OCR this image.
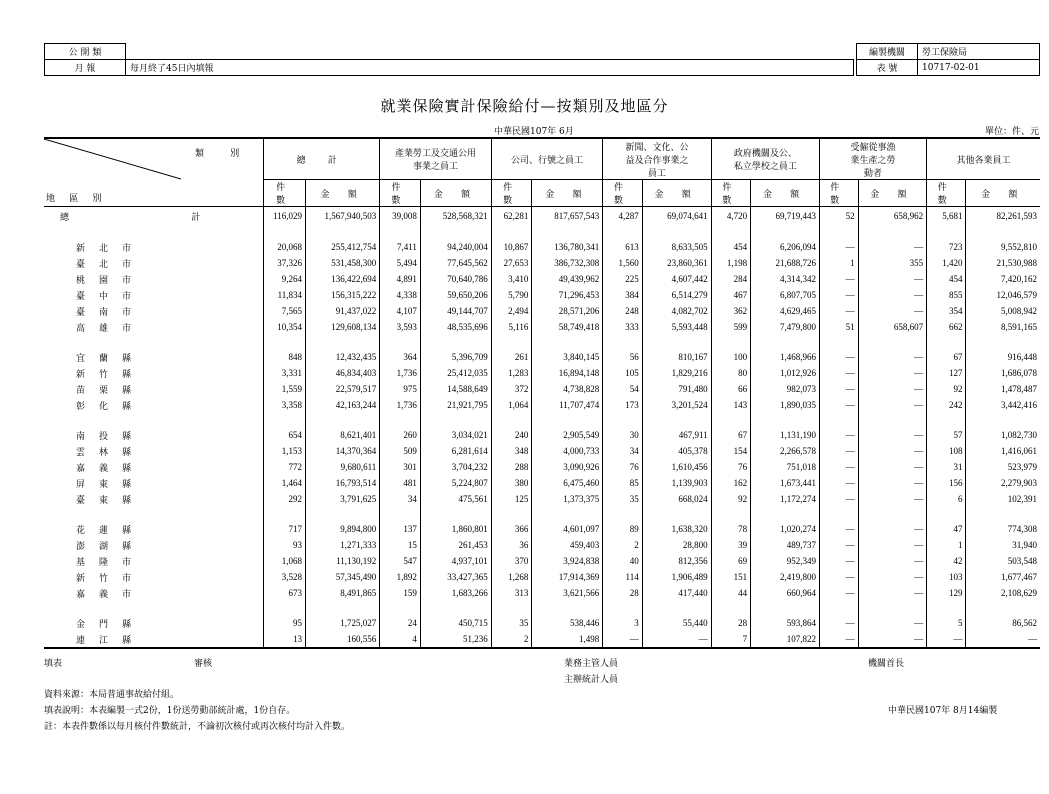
公 開 類	
月 報	每月終了45日內填報
編製機關	勞工保險局
表 號	10717-02-01
就業保險實計保險給付—按類別及地區分
中華民國107年 6月	單位：件、元
類 別
地 區 別	總 計		產業勞工及交通公用事業之員工		公司、行號之員工		新聞、文化、公益及合作事業之員工		政府機關及公、私立學校之員工		受僱從事漁業生產之勞動者		其他各業員工	
	件 數	金 額	件 數	金 額	件 數	金 額	件 數	金 額	件 數	金 額	件 數	金 額	件 數	金 額
總 計	116,029	1,567,940,503	39,008	528,568,321	62,281	817,657,543	4,287	69,074,641	4,720	69,719,443	52	658,962	5,681	82,261,593

新北市	20,068	255,412,754	7,411	94,240,004	10,867	136,780,341	613	8,633,505	454	6,206,094	—	—	723	9,552,810
臺北市	37,326	531,458,300	5,494	77,645,562	27,653	386,732,308	1,560	23,860,361	1,198	21,688,726	1	355	1,420	21,530,988
桃園市	9,264	136,422,694	4,891	70,640,786	3,410	49,439,962	225	4,607,442	284	4,314,342	—	—	454	7,420,162
臺中市	11,834	156,315,222	4,338	59,650,206	5,790	71,296,453	384	6,514,279	467	6,807,705	—	—	855	12,046,579
臺南市	7,565	91,437,022	4,107	49,144,707	2,494	28,571,206	248	4,082,702	362	4,629,465	—	—	354	5,008,942
高雄市	10,354	129,608,134	3,593	48,535,696	5,116	58,749,418	333	5,593,448	599	7,479,800	51	658,607	662	8,591,165

宜蘭縣	848	12,432,435	364	5,396,709	261	3,840,145	56	810,167	100	1,468,966	—	—	67	916,448
新竹縣	3,331	46,834,403	1,736	25,412,035	1,283	16,894,148	105	1,829,216	80	1,012,926	—	—	127	1,686,078
苗栗縣	1,559	22,579,517	975	14,588,649	372	4,738,828	54	791,480	66	982,073	—	—	92	1,478,487
彰化縣	3,358	42,163,244	1,736	21,921,795	1,064	11,707,474	173	3,201,524	143	1,890,035	—	—	242	3,442,416

南投縣	654	8,621,401	260	3,034,021	240	2,905,549	30	467,911	67	1,131,190	—	—	57	1,082,730
雲林縣	1,153	14,370,364	509	6,281,614	348	4,000,733	34	405,378	154	2,266,578	—	—	108	1,416,061
嘉義縣	772	9,680,611	301	3,704,232	288	3,090,926	76	1,610,456	76	751,018	—	—	31	523,979
屏東縣	1,464	16,793,514	481	5,224,807	380	6,475,460	85	1,139,903	162	1,673,441	—	—	156	2,279,903
臺東縣	292	3,791,625	34	475,561	125	1,373,375	35	668,024	92	1,172,274	—	—	6	102,391

花蓮縣	717	9,894,800	137	1,860,801	366	4,601,097	89	1,638,320	78	1,020,274	—	—	47	774,308
澎湖縣	93	1,271,333	15	261,453	36	459,403	2	28,800	39	489,737	—	—	1	31,940
基隆市	1,068	11,130,192	547	4,937,101	370	3,924,838	40	812,356	69	952,349	—	—	42	503,548
新竹市	3,528	57,345,490	1,892	33,427,365	1,268	17,914,369	114	1,906,489	151	2,419,800	—	—	103	1,677,467
嘉義市	673	8,491,865	159	1,683,266	313	3,621,566	28	417,440	44	660,964	—	—	129	2,108,629

金門縣	95	1,725,027	24	450,715	35	538,446	3	55,440	28	593,864	—	—	5	86,562
連江縣	13	160,556	4	51,236	2	1,498	—	—	7	107,822	—	—	—	—
填表	審核	業務主管人員
主辦統計人員
機關首長
資料來源：本局普通事故給付組。
填表說明：本表編製一式2份，1份送勞動部統計處，1份自存。
註：本表件數係以每月核付件數統計，不論初次核付或再次核付均計入件數。
中華民國107年 8月14編製
